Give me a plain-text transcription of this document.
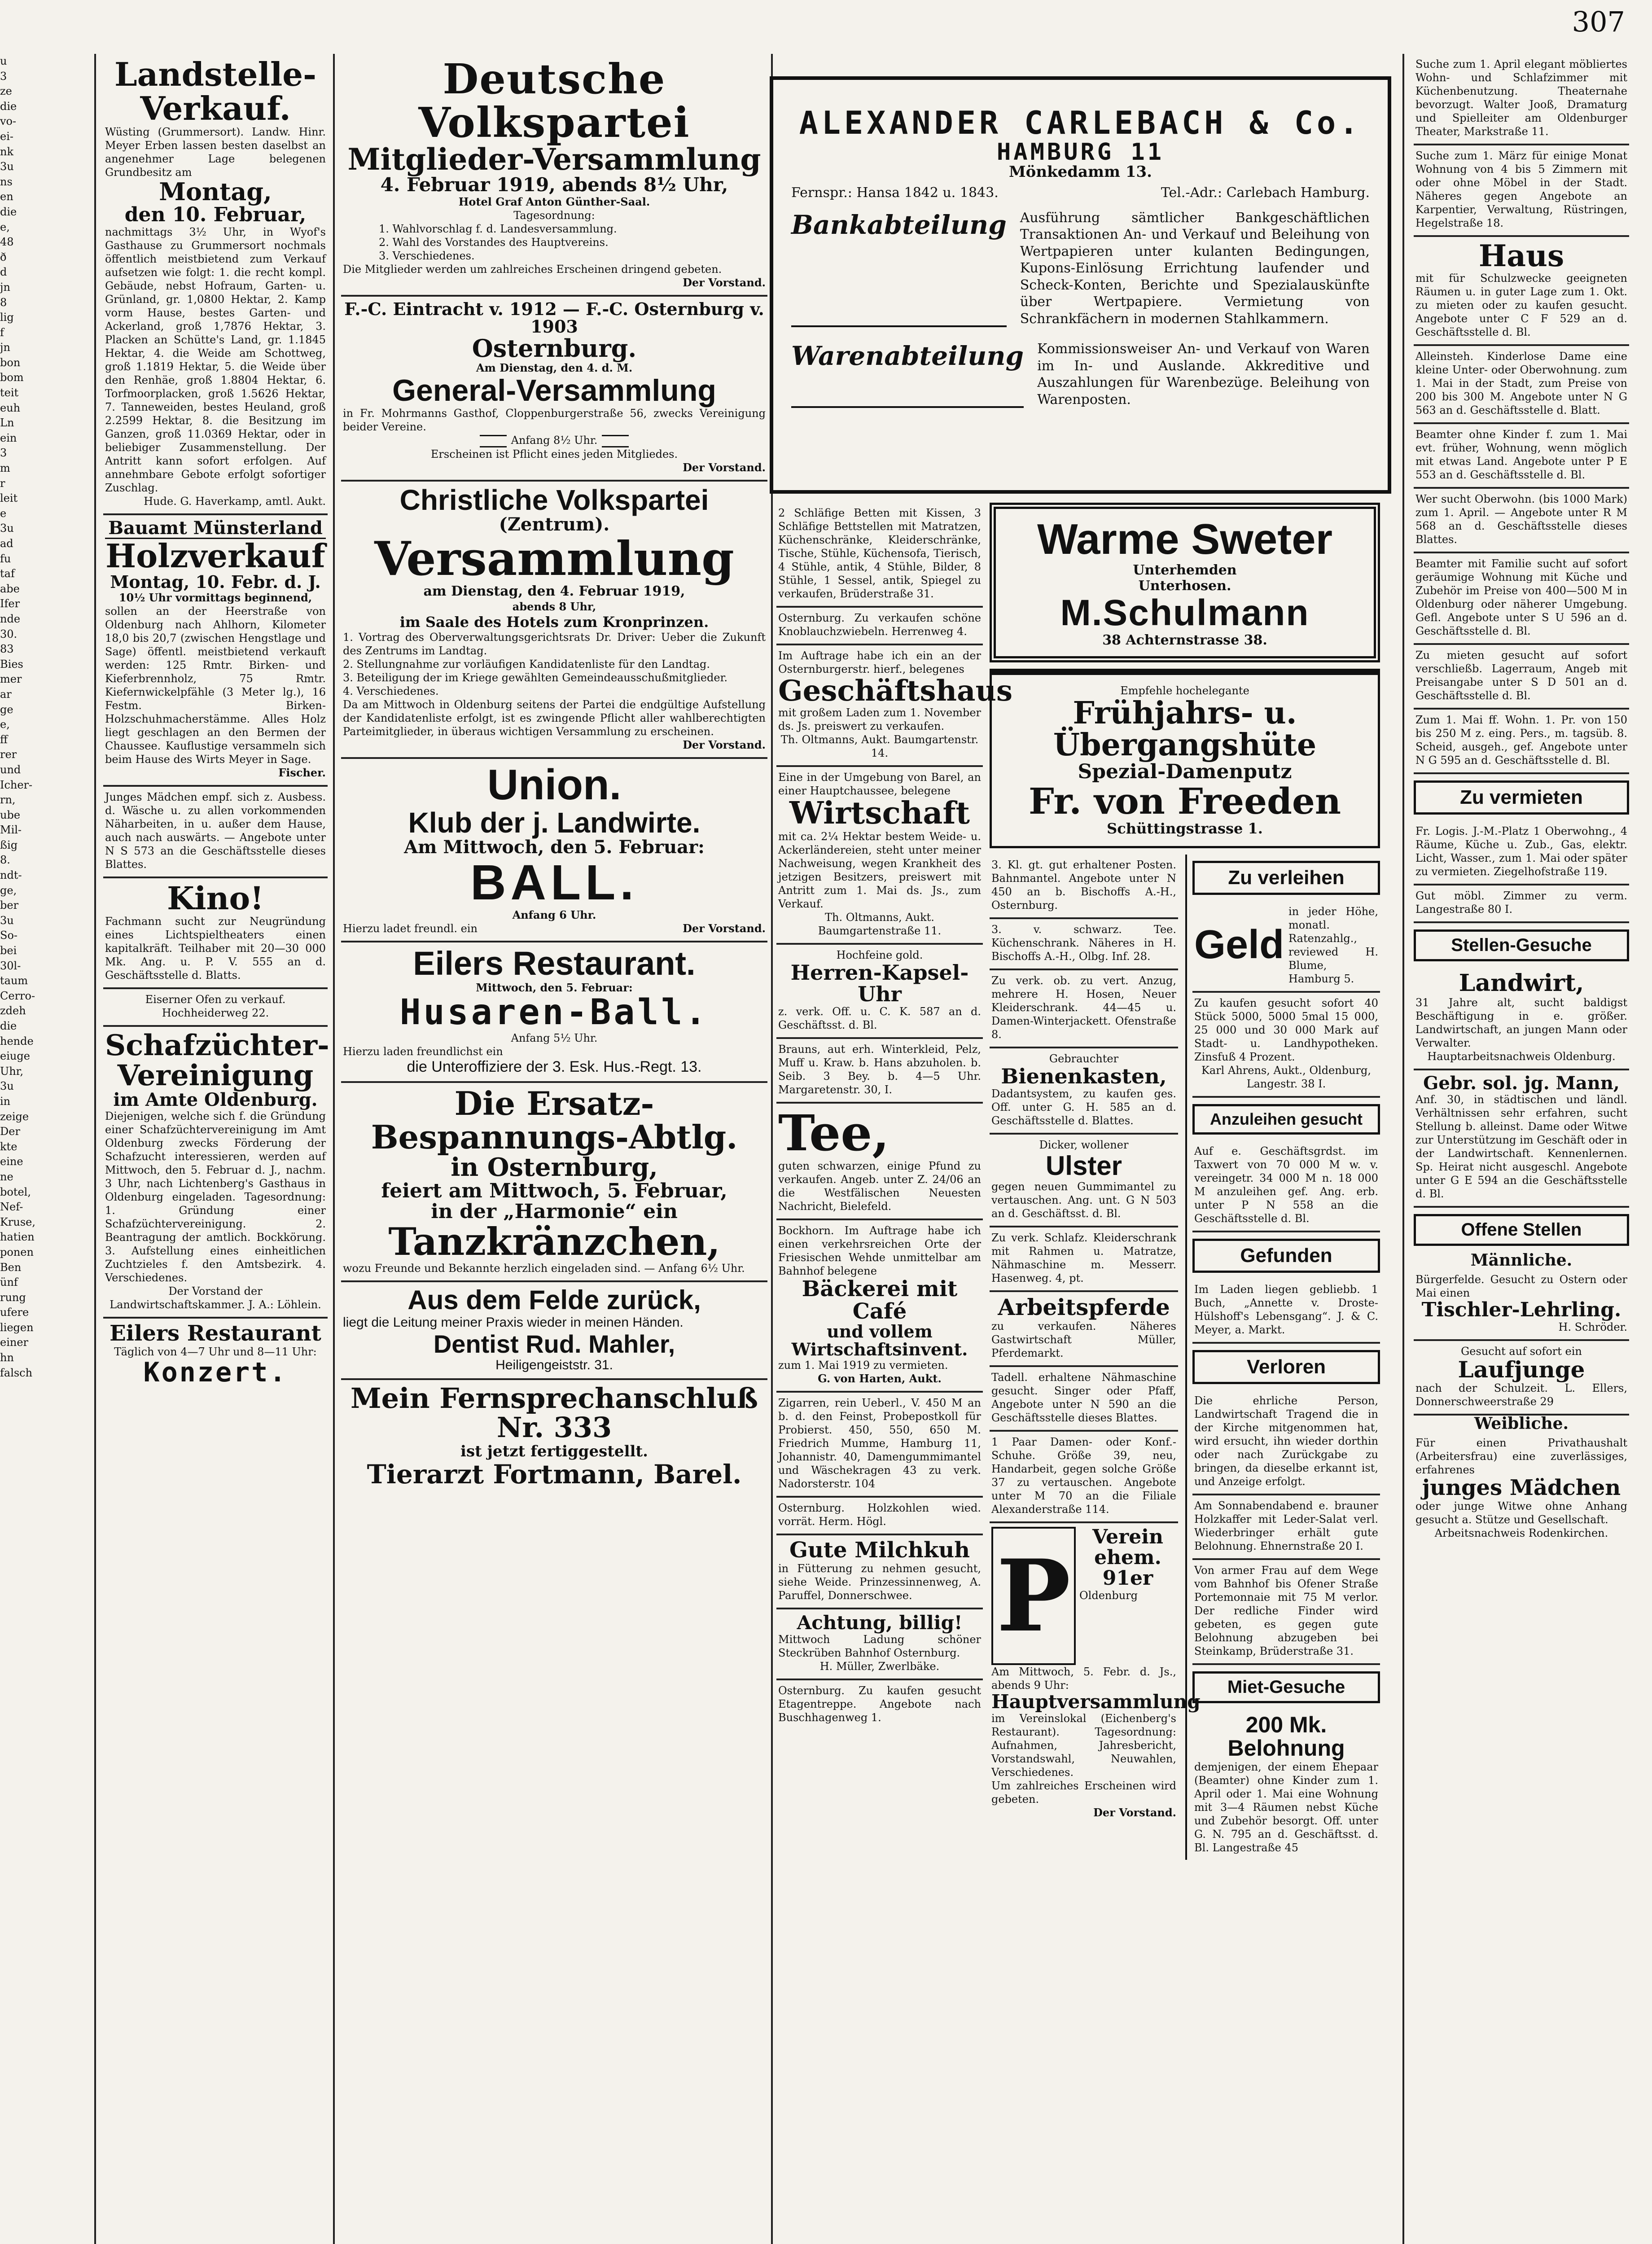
307
u
3
ze
die
vo-
ei-
nk
3u
ns
en
die
e,
48
ð
d
jn
8
lig
f
jn
bon
bom
teit
euh
Ln
ein
3
m
r
leit
e
3u
ad
fu
taf
abe
Ifer
nde
30.
83
Bies
mer
ar
ge
e,
ff
rer
und
Icher-
rn,
ube
Mil-
ßig
8.
ndt-
ge,
ber
3u
So-
bei
30l-
taum
Cerro-
zdeh
die
hende
eiuge
Uhr,
3u
in
zeige
Der
kte
eine
ne
botel,
Nef-
Kruse,
hatien
ponen
Ben
ünf
rung
ufere
liegen
einer
hn
falsch
Landstelle-Verkauf.
Wüsting (Grummersort). Landw. Hinr. Meyer Erben lassen besten daselbst an angenehmer Lage belegenen Grundbesitz am
Montag,
den 10. Februar,
nachmittags 3½ Uhr, in Wyof's Gasthause zu Grummersort nochmals öffentlich meistbietend zum Verkauf aufsetzen wie folgt: 1. die recht kompl. Gebäude, nebst Hofraum, Garten- u. Grünland, gr. 1,0800 Hektar, 2. Kamp vorm Hause, bestes Garten- und Ackerland, groß 1,7876 Hektar, 3. Placken an Schütte's Land, gr. 1.1845 Hektar, 4. die Weide am Schottweg, groß 1.1819 Hektar, 5. die Weide über den Renhäe, groß 1.8804 Hektar, 6. Torfmoorplacken, groß 1.5626 Hektar, 7. Tanneweiden, bestes Heuland, groß 2.2599 Hektar, 8. die Besitzung im Ganzen, groß 11.0369 Hektar, oder in beliebiger Zusammenstellung. Der Antritt kann sofort erfolgen. Auf annehmbare Gebote erfolgt sofortiger Zuschlag.
Hude. G. Haverkamp, amtl. Aukt.
Bauamt Münsterland
Holzverkauf
Montag, 10. Febr. d. J.
10½ Uhr vormittags beginnend,
sollen an der Heerstraße von Oldenburg nach Ahlhorn, Kilometer 18,0 bis 20,7 (zwischen Hengstlage und Sage) öffentl. meistbietend verkauft werden: 125 Rmtr. Birken- und Kieferbrennholz, 75 Rmtr. Kiefernwickelpfähle (3 Meter lg.), 16 Festm. Birken-Holzschuhmacherstämme. Alles Holz liegt geschlagen an den Bermen der Chaussee. Kauflustige versammeln sich beim Hause des Wirts Meyer in Sage.
Fischer.
Junges Mädchen empf. sich z. Ausbess. d. Wäsche u. zu allen vorkommenden Näharbeiten, in u. außer dem Hause, auch nach auswärts. — Angebote unter N S 573 an die Geschäftsstelle dieses Blattes.
Kino!
Fachmann sucht zur Neugründung eines Lichtspieltheaters einen kapitalkräft. Teilhaber mit 20—30 000 Mk. Ang. u. P. V. 555 an d. Geschäftsstelle d. Blatts.
Eiserner Ofen zu verkauf. Hochheiderweg 22.
Schafzüchter-Vereinigung
im Amte Oldenburg.
Diejenigen, welche sich f. die Gründung einer Schafzüchtervereinigung im Amt Oldenburg zwecks Förderung der Schafzucht interessieren, werden auf Mittwoch, den 5. Februar d. J., nachm. 3 Uhr, nach Lichtenberg's Gasthaus in Oldenburg eingeladen. Tagesordnung: 1. Gründung einer Schafzüchtervereinigung. 2. Beantragung der amtlich. Bockkörung. 3. Aufstellung eines einheitlichen Zuchtzieles f. den Amtsbezirk. 4. Verschiedenes.
Der Vorstand der Landwirtschaftskammer. J. A.: Löhlein.
Eilers Restaurant
Täglich von 4—7 Uhr und 8—11 Uhr:
Konzert.
Deutsche Volkspartei
Mitglieder-Versammlung
4. Februar 1919, abends 8½ Uhr,
Hotel Graf Anton Günther-Saal.
Tagesordnung:
1. Wahlvorschlag f. d. Landesversammlung.
2. Wahl des Vorstandes des Hauptvereins.
3. Verschiedenes.
Die Mitglieder werden um zahlreiches Erscheinen dringend gebeten.
Der Vorstand.
F.-C. Eintracht v. 1912 — F.-C. Osternburg v. 1903
Osternburg.
Am Dienstag, den 4. d. M.
General-Versammlung
in Fr. Mohrmanns Gasthof, Cloppenburgerstraße 56, zwecks Vereinigung beider Vereine.
Anfang 8½ Uhr.
Erscheinen ist Pflicht eines jeden Mitgliedes.
Der Vorstand.
Christliche Volkspartei
(Zentrum).
Versammlung
am Dienstag, den 4. Februar 1919,
abends 8 Uhr,
im Saale des Hotels zum Kronprinzen.
1. Vortrag des Oberverwaltungsgerichtsrats Dr. Driver: Ueber die Zukunft des Zentrums im Landtag.
2. Stellungnahme zur vorläufigen Kandidatenliste für den Landtag.
3. Beteiligung der im Kriege gewählten Gemeindeausschußmitglieder.
4. Verschiedenes.
Da am Mittwoch in Oldenburg seitens der Partei die endgültige Aufstellung der Kandidatenliste erfolgt, ist es zwingende Pflicht aller wahlberechtigten Parteimitglieder, in überaus wichtigen Versammlung zu erscheinen.
Der Vorstand.
Union.
Klub der j. Landwirte.
Am Mittwoch, den 5. Februar:
BALL.
Anfang 6 Uhr.
Hierzu ladet freundl. ein	Der Vorstand.
Eilers Restaurant.
Mittwoch, den 5. Februar:
Husaren-Ball.
Anfang 5½ Uhr.
Hierzu laden freundlichst ein
die Unteroffiziere der 3. Esk. Hus.-Regt. 13.
Die Ersatz-Bespannungs-Abtlg.
in Osternburg,
feiert am Mittwoch, 5. Februar,
in der „Harmonie“ ein
Tanzkränzchen,
wozu Freunde und Bekannte herzlich eingeladen sind. — Anfang 6½ Uhr.
Aus dem Felde zurück,
liegt die Leitung meiner Praxis wieder in meinen Händen.
Dentist Rud. Mahler,
Heiligengeiststr. 31.
Mein Fernsprechanschluß Nr. 333
ist jetzt fertiggestellt.
Tierarzt Fortmann, Barel.
ALEXANDER CARLEBACH & Co.
HAMBURG 11
Mönkedamm 13.
Fernspr.: Hansa 1842 u. 1843.	Tel.-Adr.: Carlebach Hamburg.
Bankabteilung Ausführung sämtlicher Bankgeschäftlichen Transaktionen An- und Verkauf und Beleihung von Wertpapieren unter kulanten Bedingungen, Kupons-Einlösung Errichtung laufender und Scheck-Konten, Berichte und Spezialauskünfte über Wertpapiere. Vermietung von Schrankfächern in modernen Stahlkammern.
Warenabteilung Kommissionsweiser An- und Verkauf von Waren im In- und Auslande. Akkreditive und Auszahlungen für Warenbezüge. Beleihung von Warenposten.
2 Schläfige Betten mit Kissen, 3 Schläfige Bettstellen mit Matratzen, Küchenschränke, Kleiderschränke, Tische, Stühle, Küchensofa, Tierisch, 4 Stühle, antik, 4 Stühle, Bilder, 8 Stühle, 1 Sessel, antik, Spiegel zu verkaufen, Brüderstraße 31.
Osternburg. Zu verkaufen schöne Knoblauchzwiebeln. Herrenweg 4.
Im Auftrage habe ich ein an der Osternburgerstr. hierf., belegenes
Geschäftshaus
mit großem Laden zum 1. November ds. Js. preiswert zu verkaufen.
Th. Oltmanns, Aukt. Baumgartenstr. 14.
Eine in der Umgebung von Barel, an einer Hauptchaussee, belegene
Wirtschaft
mit ca. 2¼ Hektar bestem Weide- u. Ackerländereien, steht unter meiner Nachweisung, wegen Krankheit des jetzigen Besitzers, preiswert mit Antritt zum 1. Mai ds. Js., zum Verkauf.
Th. Oltmanns, Aukt. Baumgartenstraße 11.
Hochfeine gold.
Herren-Kapsel-Uhr
z. verk. Off. u. C. K. 587 an d. Geschäftsst. d. Bl.
Brauns, aut erh. Winterkleid, Pelz, Muff u. Kraw. b. Hans abzuholen. b. Seib. 3 Bey. b. 4—5 Uhr. Margaretenstr. 30, I.
Tee,
guten schwarzen, einige Pfund zu verkaufen. Angeb. unter Z. 24/06 an die Westfälischen Neuesten Nachricht, Bielefeld.
Bockhorn. Im Auftrage habe ich einen verkehrsreichen Orte der Friesischen Wehde unmittelbar am Bahnhof belegene
Bäckerei mit Café
und vollem Wirtschaftsinvent.
zum 1. Mai 1919 zu vermieten.
G. von Harten, Aukt.
Zigarren, rein Ueberl., V. 450 M an b. d. den Feinst, Probepostkoll für Probierst. 450, 550, 650 M. Friedrich Mumme, Hamburg 11, Johannistr. 40, Damengummimantel und Wäschekragen 43 zu verk. Nadorsterstr. 104
Osternburg. Holzkohlen wied. vorrät. Herm. Högl.
Gute Milchkuh
in Fütterung zu nehmen gesucht, siehe Weide. Prinzessinnenweg, A. Paruffel, Donnerschwee.
Achtung, billig!
Mittwoch Ladung schöner Steckrüben Bahnhof Osternburg.
H. Müller, Zwerlbäke.
Osternburg. Zu kaufen gesucht Etagentreppe. Angebote nach Buschhagenweg 1.
Warme Sweter
Unterhemden
Unterhosen.
M.Schulmann
38 Achternstrasse 38.
Empfehle hochelegante
Frühjahrs- u. Übergangshüte
Spezial-Damenputz
Fr. von Freeden
Schüttingstrasse 1.
3. Kl. gt. gut erhaltener Posten. Bahnmantel. Angebote unter N 450 an b. Bischoffs A.-H., Osternburg.
3. v. schwarz. Tee. Küchenschrank. Näheres in H. Bischoffs A.-H., Olbg. Inf. 28.
Zu verk. ob. zu vert. Anzug, mehrere H. Hosen, Neuer Kleiderschrank. 44—45 u. Damen-Winterjackett. Ofenstraße 8.
Gebrauchter
Bienenkasten,
Dadantsystem, zu kaufen ges. Off. unter G. H. 585 an d. Geschäftsstelle d. Blattes.
Dicker, wollener
Ulster
gegen neuen Gummimantel zu vertauschen. Ang. unt. G N 503 an d. Geschäftsst. d. Bl.
Zu verk. Schlafz. Kleiderschrank mit Rahmen u. Matratze, Nähmaschine m. Messerr. Hasenweg. 4, pt.
Arbeitspferde
zu verkaufen. Näheres Gastwirtschaft Müller, Pferdemarkt.
Tadell. erhaltene Nähmaschine gesucht. Singer oder Pfaff, Angebote unter N 590 an die Geschäftsstelle dieses Blattes.
1 Paar Damen- oder Konf.-Schuhe. Größe 39, neu, Handarbeit, gegen solche Größe 37 zu vertauschen. Angebote unter M 70 an die Filiale Alexanderstraße 114.
P
Verein
ehem.
91er
Oldenburg
Am Mittwoch, 5. Febr. d. Js., abends 9 Uhr:
Hauptversammlung
im Vereinslokal (Eichenberg's Restaurant). Tagesordnung: Aufnahmen, Jahresbericht, Vorstandswahl, Neuwahlen, Verschiedenes.
Um zahlreiches Erscheinen wird gebeten.
Der Vorstand.
Zu verleihen
Geld
in jeder Höhe, monatl. Ratenzahlg., reviewed H. Blume, Hamburg 5.
Zu kaufen gesucht sofort 40 Stück 5000, 5000 5mal 15 000, 25 000 und 30 000 Mark auf Stadt- u. Landhypotheken. Zinsfuß 4 Prozent.
Karl Ahrens, Aukt., Oldenburg, Langestr. 38 I.
Anzuleihen gesucht
Auf e. Geschäftsgrdst. im Taxwert von 70 000 M w. v. vereingetr. 34 000 M n. 18 000 M anzuleihen gef. Ang. erb. unter P N 558 an die Geschäftsstelle d. Bl.
Gefunden
Im Laden liegen gebliebb. 1 Buch, „Annette v. Droste-Hülshoff's Lebensgang“. J. & C. Meyer, a. Markt.
Verloren
Die ehrliche Person, Landwirtschaft Tragend die in der Kirche mitgenommen hat, wird ersucht, ihn wieder dorthin oder nach Zurückgabe zu bringen, da dieselbe erkannt ist, und Anzeige erfolgt.
Am Sonnabendabend e. brauner Holzkaffer mit Leder-Salat verl. Wiederbringer erhält gute Belohnung. Ehnernstraße 20 I.
Von armer Frau auf dem Wege vom Bahnhof bis Ofener Straße Portemonnaie mit 75 M verlor. Der redliche Finder wird gebeten, es gegen gute Belohnung abzugeben bei Steinkamp, Brüderstraße 31.
Miet-Gesuche
200 Mk. Belohnung
demjenigen, der einem Ehepaar (Beamter) ohne Kinder zum 1. April oder 1. Mai eine Wohnung mit 3—4 Räumen nebst Küche und Zubehör besorgt. Off. unter G. N. 795 an d. Geschäftsst. d. Bl. Langestraße 45
Suche zum 1. April elegant möbliertes Wohn- und Schlafzimmer mit Küchenbenutzung. Theaternahe bevorzugt. Walter Jooß, Dramaturg und Spielleiter am Oldenburger Theater, Markstraße 11.
Suche zum 1. März für einige Monat Wohnung von 4 bis 5 Zimmern mit oder ohne Möbel in der Stadt. Näheres gegen Angebote an Karpentier, Verwaltung, Rüstringen, Hegelstraße 18.
Haus
mit für Schulzwecke geeigneten Räumen u. in guter Lage zum 1. Okt. zu mieten oder zu kaufen gesucht. Angebote unter C F 529 an d. Geschäftsstelle d. Bl.
Alleinsteh. Kinderlose Dame eine kleine Unter- oder Oberwohnung. zum 1. Mai in der Stadt, zum Preise von 200 bis 300 M. Angebote unter N G 563 an d. Geschäftsstelle d. Blatt.
Beamter ohne Kinder f. zum 1. Mai evt. früher, Wohnung, wenn möglich mit etwas Land. Angebote unter P E 553 an d. Geschäftsstelle d. Bl.
Wer sucht Oberwohn. (bis 1000 Mark) zum 1. April. — Angebote unter R M 568 an d. Geschäftsstelle dieses Blattes.
Beamter mit Familie sucht auf sofort geräumige Wohnung mit Küche und Zubehör im Preise von 400—500 M in Oldenburg oder näherer Umgebung. Gefl. Angebote unter S U 596 an d. Geschäftsstelle d. Bl.
Zu mieten gesucht auf sofort verschließb. Lagerraum, Angeb mit Preisangabe unter S D 501 an d. Geschäftsstelle d. Bl.
Zum 1. Mai ff. Wohn. 1. Pr. von 150 bis 250 M z. eing. Pers., m. tagsüb. 8. Scheid, ausgeh., gef. Angebote unter N G 595 an d. Geschäftsstelle d. Bl.
Zu vermieten
Fr. Logis. J.-M.-Platz 1 Oberwohng., 4 Räume, Küche u. Zub., Gas, elektr. Licht, Wasser., zum 1. Mai oder später zu vermieten. Ziegelhofstraße 119.
Gut möbl. Zimmer zu verm. Langestraße 80 I.
Stellen-Gesuche
Landwirt,
31 Jahre alt, sucht baldigst Beschäftigung in e. größer. Landwirtschaft, an jungen Mann oder Verwalter.
Hauptarbeitsnachweis Oldenburg.
Gebr. sol. jg. Mann,
Anf. 30, in städtischen und ländl. Verhältnissen sehr erfahren, sucht Stellung b. alleinst. Dame oder Witwe zur Unterstützung im Geschäft oder in der Landwirtschaft. Kennenlernen. Sp. Heirat nicht ausgeschl. Angebote unter G E 594 an die Geschäftsstelle d. Bl.
Offene Stellen
Männliche.
Bürgerfelde. Gesucht zu Ostern oder Mai einen
Tischler-Lehrling.
H. Schröder.
Gesucht auf sofort ein
Laufjunge
nach der Schulzeit. L. Ellers, Donnerschweerstraße 29
Weibliche.
Für einen Privathaushalt (Arbeitersfrau) eine zuverlässiges, erfahrenes
junges Mädchen
oder junge Witwe ohne Anhang gesucht a. Stütze und Gesellschaft.
Arbeitsnachweis Rodenkirchen.
